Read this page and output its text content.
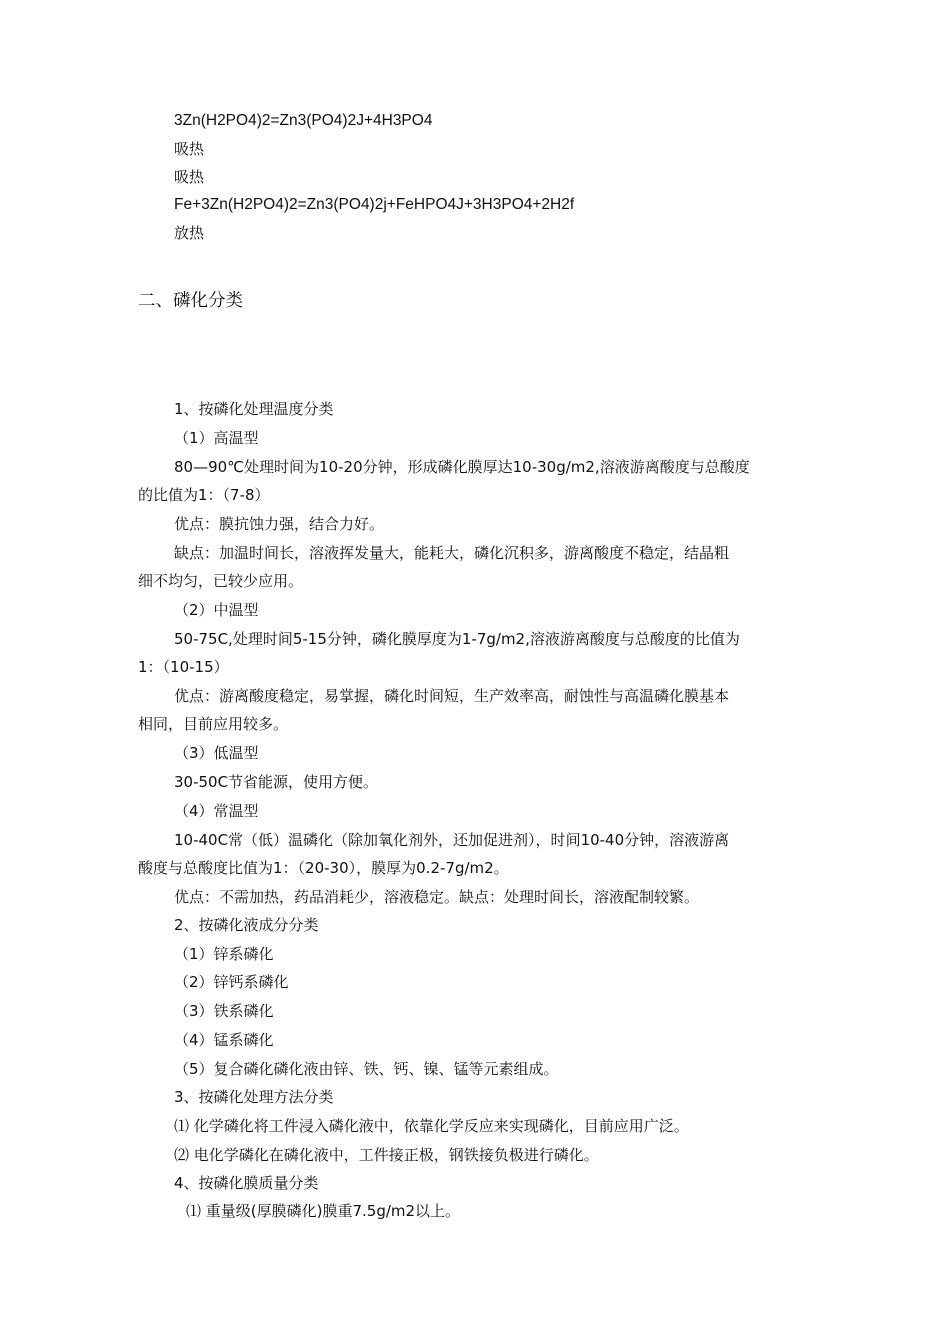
3Zn(H2PO4)2=Zn3(PO4)2J+4H3PO4
吸热
吸热
Fe+3Zn(H2PO4)2=Zn3(PO4)2j+FeHPO4J+3H3PO4+2H2f
放热
二、磷化分类
1、按磷化处理温度分类
（1）高温型
80—90℃处理时间为10-20分钟，形成磷化膜厚达10-30g/m2,溶液游离酸度与总酸度
的比值为1：（7-8）
优点：膜抗蚀力强，结合力好。
缺点：加温时间长，溶液挥发量大，能耗大，磷化沉积多，游离酸度不稳定，结晶粗
细不均匀，已较少应用。
（2）中温型
50-75C,处理时间5-15分钟，磷化膜厚度为1-7g/m2,溶液游离酸度与总酸度的比值为
1：（10-15）
优点：游离酸度稳定，易掌握，磷化时间短，生产效率高，耐蚀性与高温磷化膜基本
相同，目前应用较多。
（3）低温型
30-50C节省能源，使用方便。
（4）常温型
10-40C常（低）温磷化（除加氧化剂外，还加促进剂），时间10-40分钟，溶液游离
酸度与总酸度比值为1：（20-30），膜厚为0.2-7g/m2。
优点：不需加热，药品消耗少，溶液稳定。缺点：处理时间长，溶液配制较繁。
2、按磷化液成分分类
（1）锌系磷化
（2）锌钙系磷化
（3）铁系磷化
（4）锰系磷化
（5）复合磷化磷化液由锌、铁、钙、镍、锰等元素组成。
3、按磷化处理方法分类
⑴ 化学磷化将工件浸入磷化液中，依靠化学反应来实现磷化，目前应用广泛。
⑵ 电化学磷化在磷化液中，工件接正极，钢铁接负极进行磷化。
4、按磷化膜质量分类
⑴ 重量级(厚膜磷化)膜重7.5g/m2以上。
